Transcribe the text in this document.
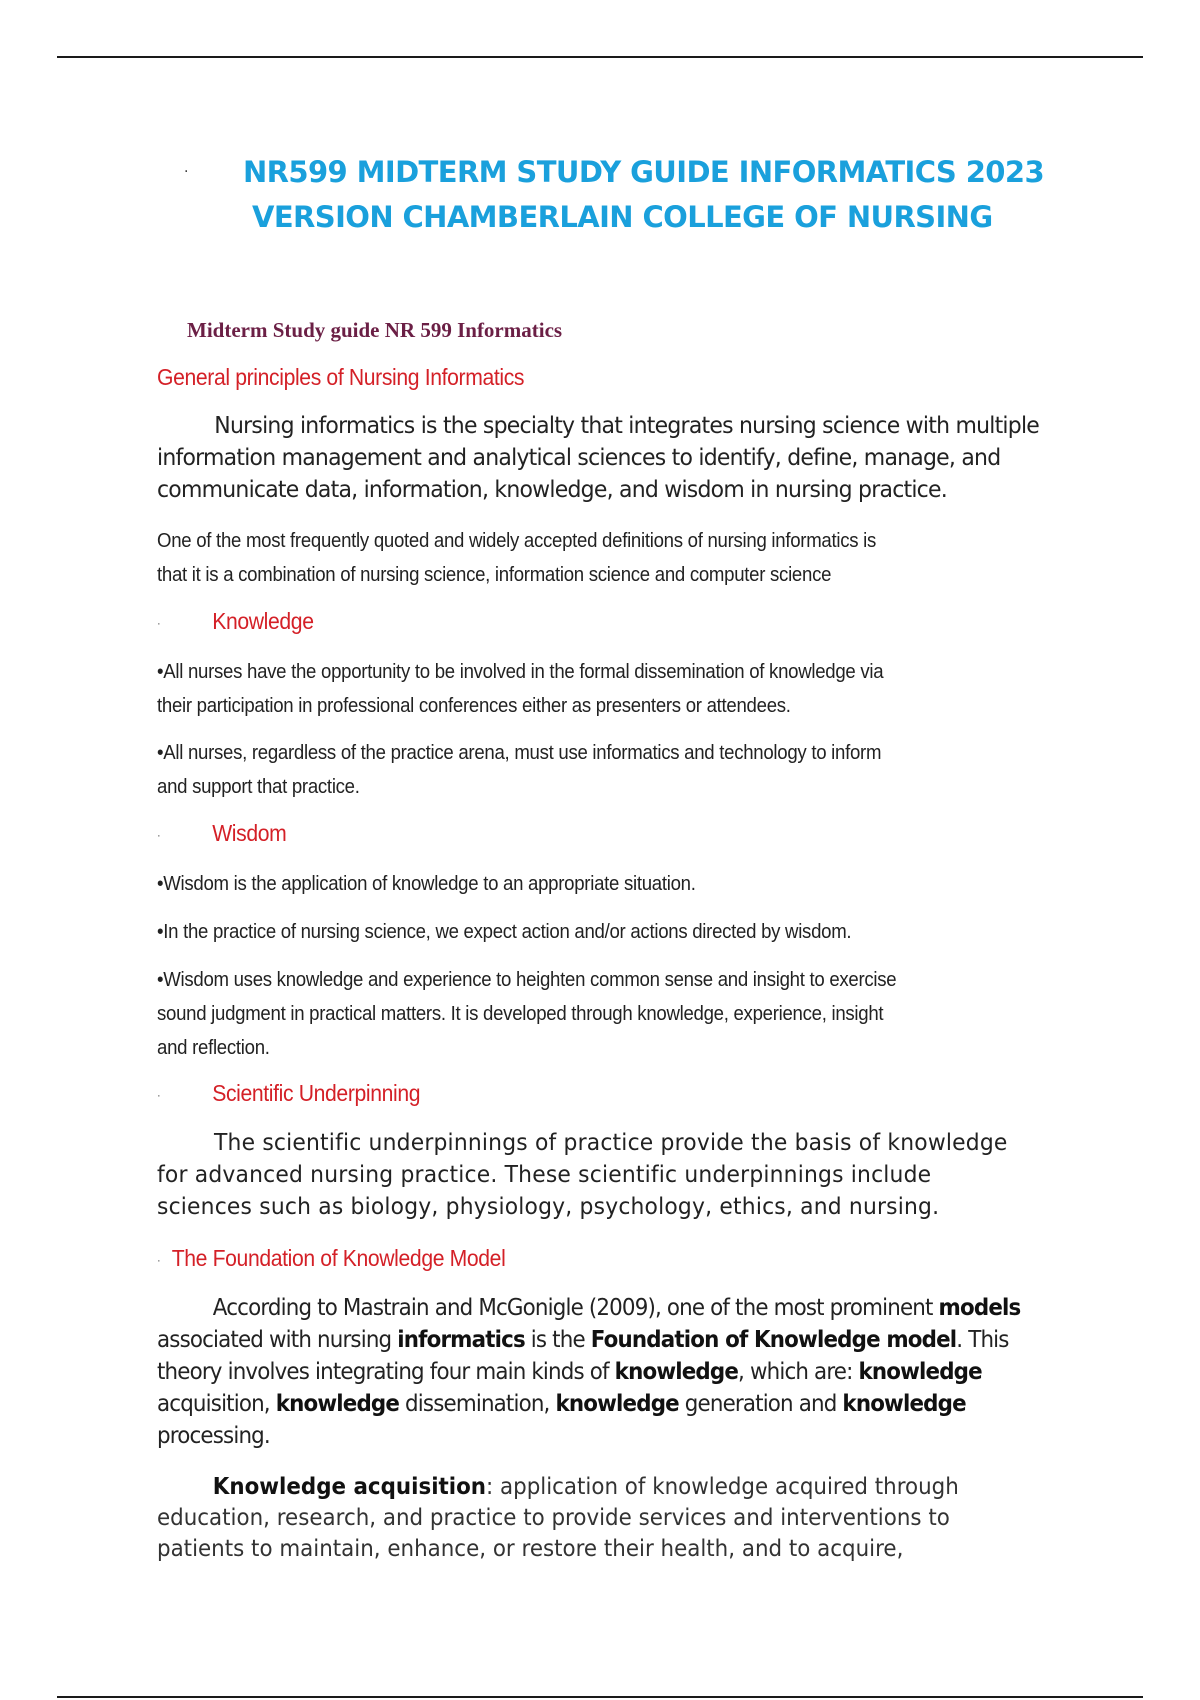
·	NR599 MIDTERM STUDY GUIDE INFORMATICS 2023
VERSION CHAMBERLAIN COLLEGE OF NURSING
Midterm Study guide NR 599 Informatics
General principles of Nursing Informatics
Nursing informatics is the specialty that integrates nursing science with multiple
information management and analytical sciences to identify, define, manage, and
communicate data, information, knowledge, and wisdom in nursing practice.
One of the most frequently quoted and widely accepted definitions of nursing informatics is
that it is a combination of nursing science, information science and computer science
· Knowledge
•All nurses have the opportunity to be involved in the formal dissemination of knowledge via
their participation in professional conferences either as presenters or attendees.
•All nurses, regardless of the practice arena, must use informatics and technology to inform
and support that practice.
· Wisdom
•Wisdom is the application of knowledge to an appropriate situation.
•In the practice of nursing science, we expect action and/or actions directed by wisdom.
•Wisdom uses knowledge and experience to heighten common sense and insight to exercise
sound judgment in practical matters. It is developed through knowledge, experience, insight
and reflection.
· Scientific Underpinning
The scientific underpinnings of practice provide the basis of knowledge
for advanced nursing practice. These scientific underpinnings include
sciences such as biology, physiology, psychology, ethics, and nursing.
· The Foundation of Knowledge Model
According to Mastrain and McGonigle (2009), one of the most prominent models
associated with nursing informatics is the Foundation of Knowledge model. This
theory involves integrating four main kinds of knowledge, which are: knowledge
acquisition, knowledge dissemination, knowledge generation and knowledge
processing.
Knowledge acquisition: application of knowledge acquired through
education, research, and practice to provide services and interventions to
patients to maintain, enhance, or restore their health, and to acquire,
